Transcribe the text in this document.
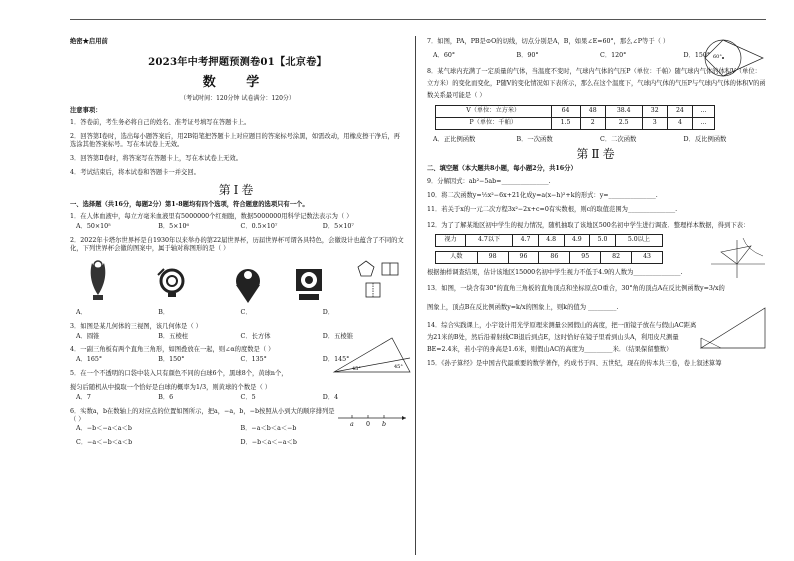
绝密★启用前
2023年中考押题预测卷01【北京卷】
数 学
（考试时间：120分钟 试卷满分：120分）
注意事项：

1．答卷前，考生务必将自己的姓名、准考证号填写在答题卡上。

2．回答第Ⅰ卷时，选出每小题答案后，用2B铅笔把答题卡上对应题目的答案标号涂黑，如需改动，用橡皮擦干净后，再选涂其他答案标号。写在本试卷上无效。

3．回答第Ⅱ卷时，将答案写在答题卡上，写在本试卷上无效。

4．考试结束后，将本试卷和答题卡一并交回。

第Ⅰ卷
一、选择题（共16分，每题2分）第1-8题均有四个选项，符合题意的选项只有一个。

1．在人体血液中，每立方毫米血液里有5000000个红细胞，数据5000000用科学记数法表示为（ ）

A．50×10⁵	B．5×10⁶	C．0.5×10⁷	D．5×10⁷

2．2022年卡塔尔世界杯是自1930年以来举办的第22届世界杯，历届世界杯可谓各具特色，会徽设计也蕴含了不同的文化，下列世界杯会徽的图案中，属于轴对称图形的是（ ）

A．	B．	C．	D．

3．如图是某几何体的三视图，该几何体是（ ）

A．圆锥	B．五棱柱	C．长方体	D．五棱锥
45°	45°

4．一副三角板有两个直角三角形，如图叠放在一起，则∠α的度数是（ ）

A．165°	B．150°	C．135°	D．145°

5．在一个不透明的口袋中装入只有颜色不同的白球6个，黑球8个，黄球n个，

搅匀后随机从中摸取一个恰好是白球的概率为1/3，则黄球的个数是（ ）

A．7	B．6	C．5	D．4

6．实数a，b在数轴上的对应点的位置如图所示，把a，−a，b，−b按照从小到大的顺序排列是（ ）

a 0 b
A．−b＜−a＜a＜b	B．−a＜b＜a＜−b
C．−a＜−b＜a＜b	D．−b＜a＜−a＜b

7．如图，PA，PB是⊙O的切线，切点分别是A，B，如果∠E=60°，那么∠P等于（ ）

60°
A．60°	B．90°	C．120°	D．150°

8．某气球内充满了一定质量的气体，当温度不变时，气球内气体的气压P（单位：千帕）随气球内气体的体积V（单位：立方米）的变化而变化，P随V的变化情况如下表所示，那么在这个温度下，气球内气体的气压P与气球内气体的体积V的函数关系最可能是（ ）

V（单位：立方米）	64	48	38.4	32	24	…
P（单位：千帕）	1.5	2	2.5	3	4	…
A．正比例函数	B．一次函数	C．二次函数	D．反比例函数
第Ⅱ卷
二、填空题（本大题共8小题，每小题2分，共16分）

9．分解因式：ab²−5ab=_______________.

10．将二次函数y=½x²−6x+21化成y=a(x−h)²+k的形式：y=_______________.

11．若关于x的一元二次方程3x²−2x+c=0有实数根，则c的取值范围为_______________.

12．为了了解某地区初中学生的视力情况，随机抽取了该地区500名初中学生进行调查．整理样本数据，得到下表：

视力	4.7以下	4.7	4.8	4.9	5.0	5.0以上
人数	98	96	86	95	82	43

根据抽样调查结果，估计该地区15000名初中学生视力不低于4.9的人数为_______________.

13．如图，一块含有30°的直角三角板的直角顶点和坐标原点O重合，30°角的顶点A在反比例函数y=3/x的

图象上，顶点B在反比例函数y=k/x的图象上，则k的值为 _________.

14．综合实践课上，小宇设计用光学原理来测量公园假山的高度，把一面镜子放在与假山AC距离为21米的B处，然后沿着射线CB退后到点E，这时恰好在镜子里看到山头A，利用皮尺测量BE=2.4米，若小宇的身高是1.6米，则假山AC的高度为_________米．（结果保留整数）

15．《孙子算经》是中国古代最重要的数学著作，约成书于四、五世纪，现在的传本共三卷，卷上叙述算筹
